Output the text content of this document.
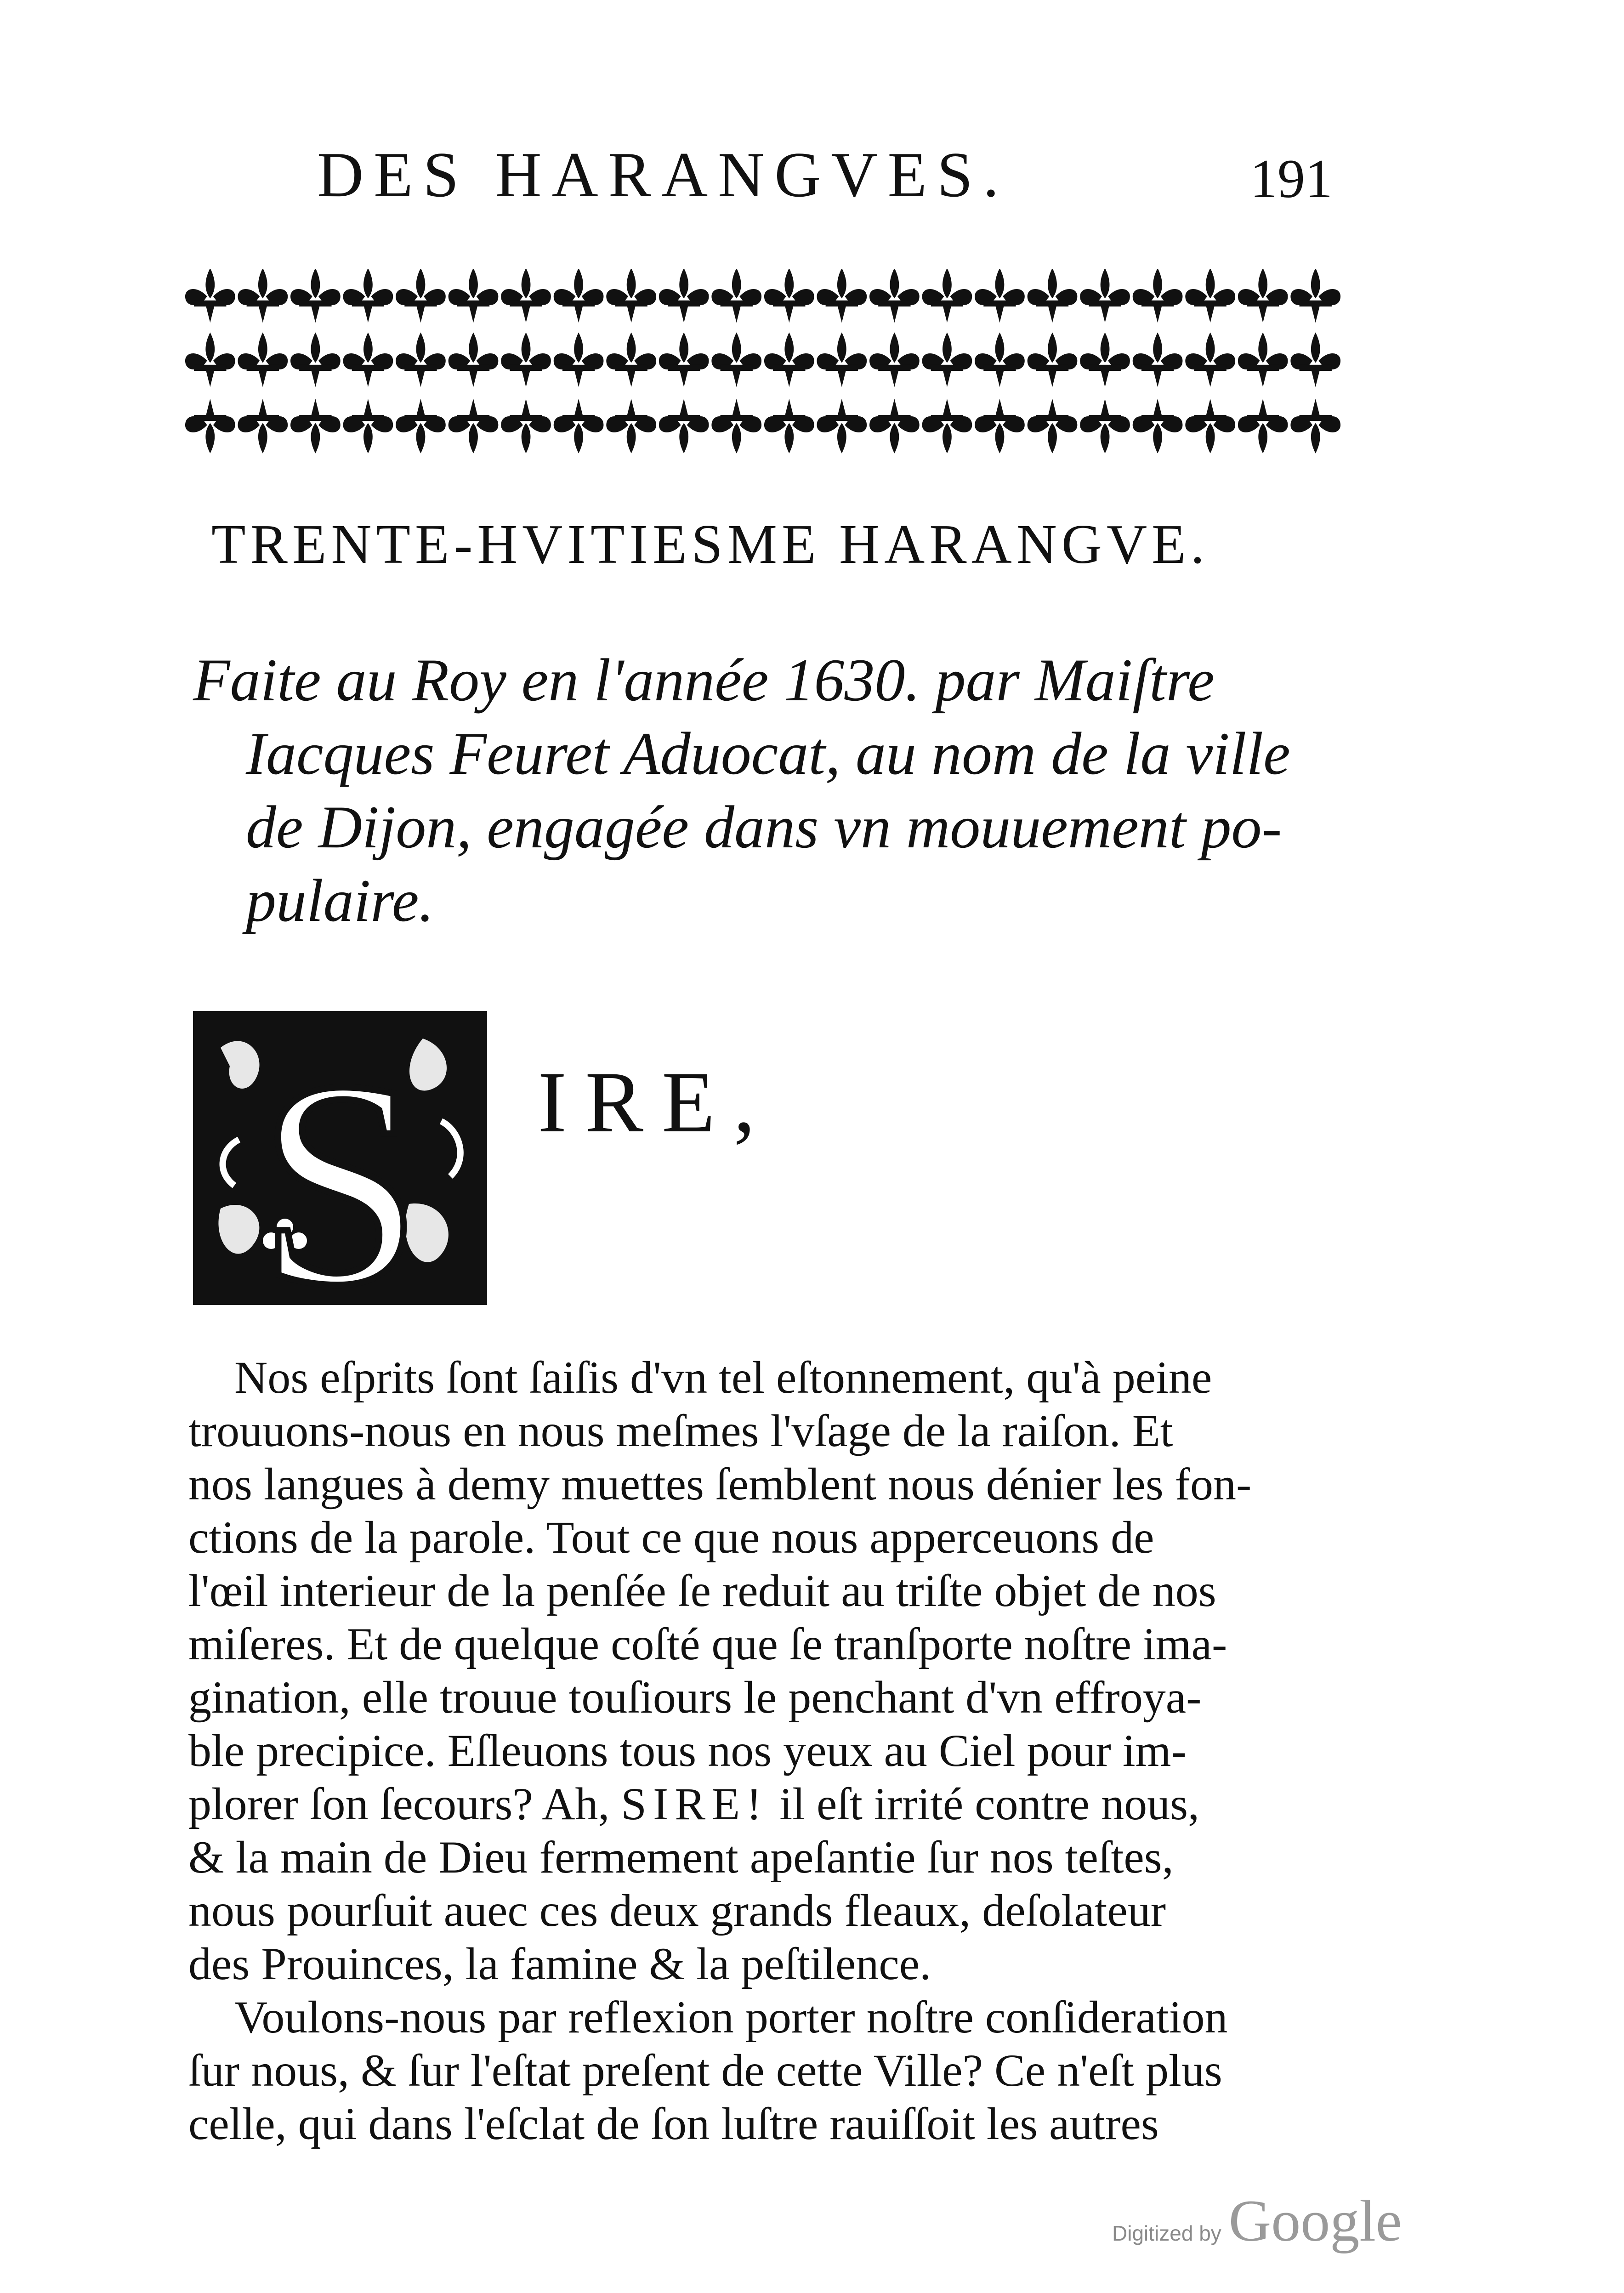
DES HARANGVES.	191
TRENTE-HVITIESME HARANGVE.
Faite au Roy en l'année 1630. par Maiſtre
Iacques Feuret Aduocat, au nom de la ville
de Dijon, engagée dans vn mouuement po-
pulaire.
S IRE,
Nos eſprits ſont ſaiſis d'vn tel eſtonnement, qu'à peine
trouuons-nous en nous meſmes l'vſage de la raiſon. Et
nos langues à demy muettes ſemblent nous dénier les fon-
ctions de la parole. Tout ce que nous apperceuons de
l'œil interieur de la penſée ſe reduit au triſte objet de nos
miſeres. Et de quelque coſté que ſe tranſporte noſtre ima-
gination, elle trouue touſiours le penchant d'vn effroya-
ble precipice. Eſleuons tous nos yeux au Ciel pour im-
plorer ſon ſecours? Ah, SIRE! il eſt irrité contre nous,
& la main de Dieu fermement apeſantie ſur nos teſtes,
nous pourſuit auec ces deux grands fleaux, deſolateur
des Prouinces, la famine & la peſtilence.
Voulons-nous par reflexion porter noſtre conſideration
ſur nous, & ſur l'eſtat preſent de cette Ville? Ce n'eſt plus
celle, qui dans l'eſclat de ſon luſtre rauiſſoit les autres
Digitized by Google
